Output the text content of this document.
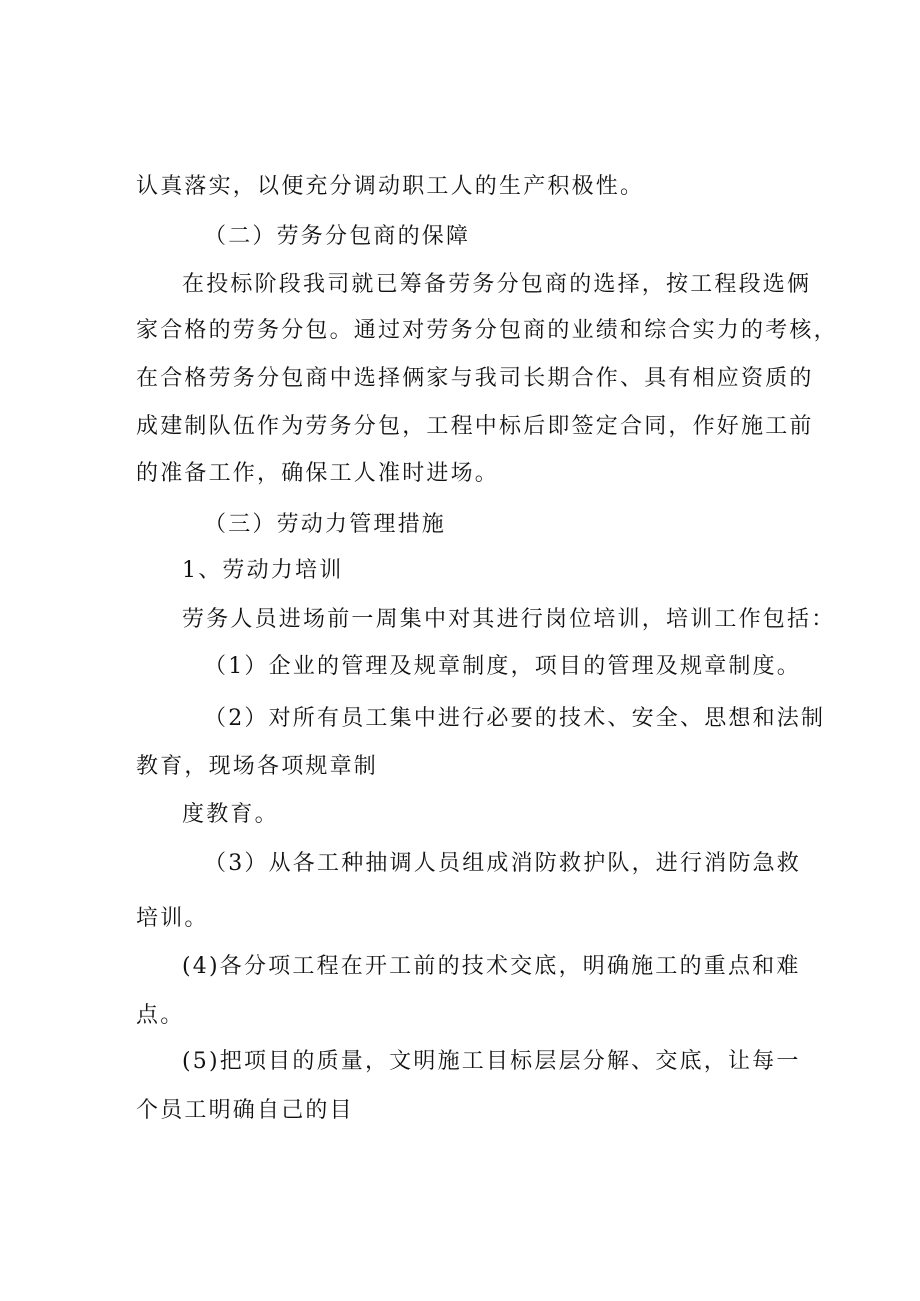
认真落实，以便充分调动职工人的生产积极性。
（二）劳务分包商的保障
在投标阶段我司就已筹备劳务分包商的选择，按工程段选俩
家合格的劳务分包。通过对劳务分包商的业绩和综合实力的考核，
在合格劳务分包商中选择俩家与我司长期合作、具有相应资质的
成建制队伍作为劳务分包，工程中标后即签定合同，作好施工前
的准备工作，确保工人准时进场。
（三）劳动力管理措施
1、劳动力培训
劳务人员进场前一周集中对其进行岗位培训，培训工作包括：
（1）企业的管理及规章制度，项目的管理及规章制度。
（2）对所有员工集中进行必要的技术、安全、思想和法制
教育，现场各项规章制
度教育。
（3）从各工种抽调人员组成消防救护队，进行消防急救
培训。
(4)各分项工程在开工前的技术交底，明确施工的重点和难
点。
(5)把项目的质量，文明施工目标层层分解、交底，让每一
个员工明确自己的目
